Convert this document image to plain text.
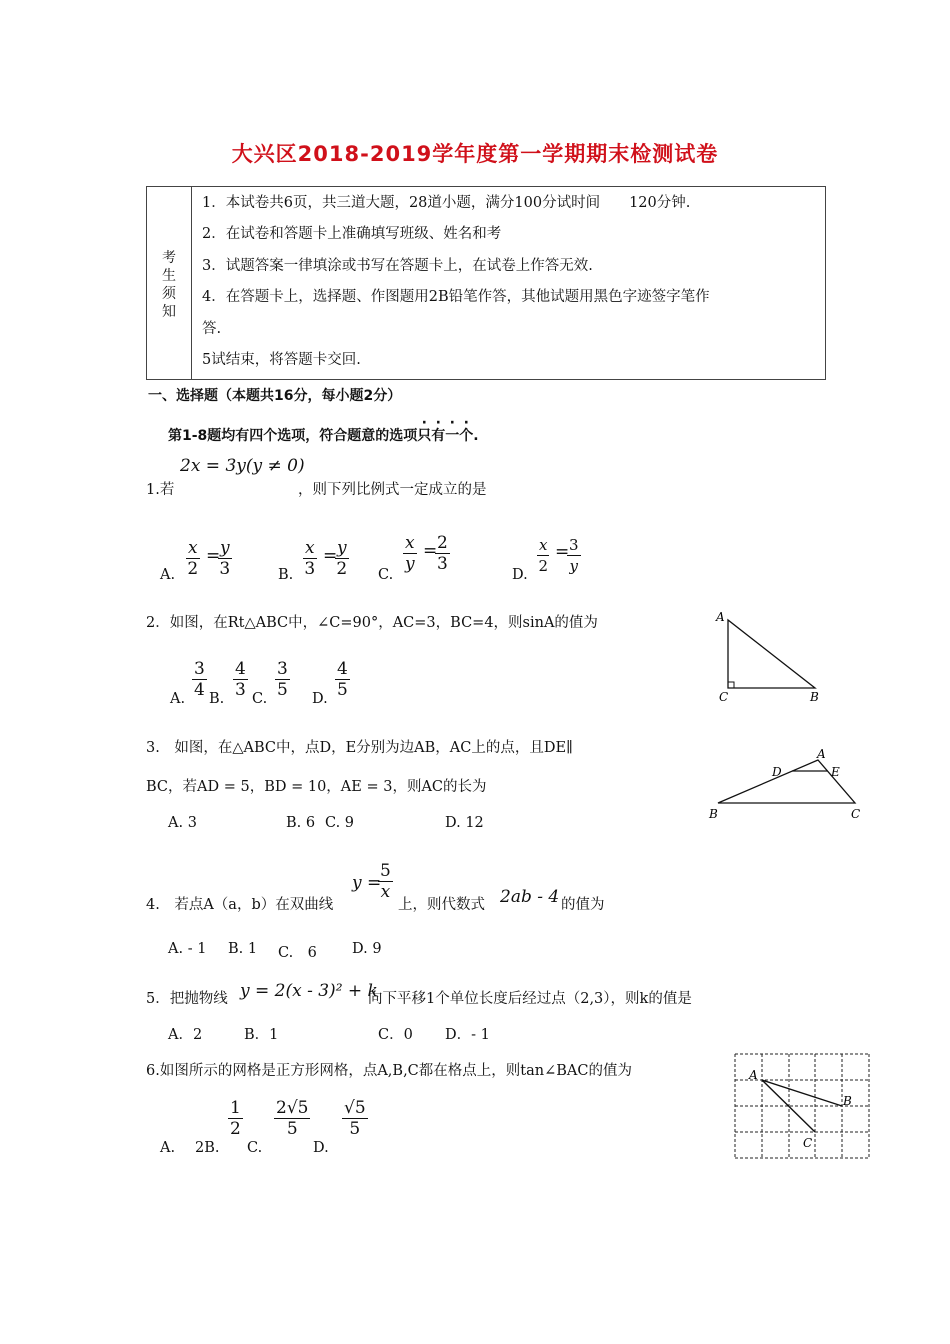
大兴区2018-2019学年度第一学期期末检测试卷
考
生
须
知
1．本试卷共6页，共三道大题，28道小题，满分100分试时间　　120分钟.
2．在试卷和答题卡上准确填写班级、姓名和考
3．试题答案一律填涂或书写在答题卡上，在试卷上作答无效.
4．在答题卡上，选择题、作图题用2B铅笔作答，其他试题用黑色字迹签字笔作
答.
5试结束，将答题卡交回.
一、选择题（本题共16分，每小题2分）
第1-8题均有四个选项，符合题意的选项只有一个.
2x = 3y(y ≠ 0)
1.若	，则下列比例式一定成立的是
A. $\frac{x}{2}$ =
$\frac{y}{3}$	B. $\frac{x}{3}$ =
$\frac{y}{2} C$.
$\frac{x}{y}$ =
$\frac{2}{3}$
D. $\frac{x}{2}$ =
$\frac{3}{y}$
2．如图，在Rt△ABC中，∠C=90°，AC=3，BC=4，则sinA的值为
A. $\frac{3}{4} B$. $\frac{4}{3} C$. $\frac{3}{5} D$. $\frac{4}{5}$
A
C	B
3.　如图，在△ABC中，点D，E分别为边AB，AC上的点，且DE∥
BC，若AD = 5，BD = 10，AE = 3，则AC的长为
A. 3	B. 6 C. 9	D. 12
A
D	E
B	C
4.　若点A（a，b）在双曲线
y =
$\frac{5}{x}$
上，则代数式 2ab - 4 的值为
A. - 1 B. 1 C.　6 D. 9
5．把抛物线 y = 2(x - 3)² + k
向下平移1个单位长度后经过点（2,3），则k的值是
A．2	B．1	C．0 D．- 1
6.如图所示的网格是正方形网格，点A,B,C都在格点上，则tan∠BAC的值为
A. 2B.
$\frac{1}{2}$
C.
$\frac{2√5}{5}$
D.
$\frac{√5}{5}$
A
B
C
